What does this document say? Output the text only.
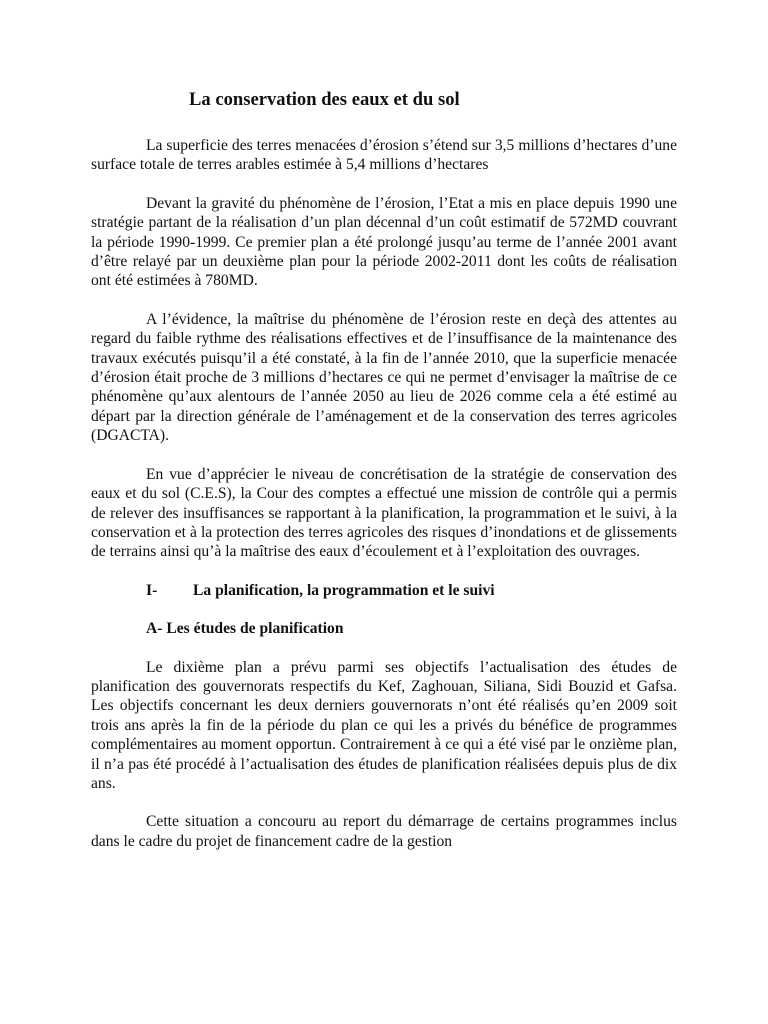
La conservation des eaux et du sol

La superficie des terres menacées d’érosion s’étend sur 3,5 millions d’hectares d’une surface totale de terres arables estimée à 5,4 millions d’hectares

Devant la gravité du phénomène de l’érosion, l’Etat a mis en place depuis 1990 une stratégie partant de la réalisation d’un plan décennal d’un coût estimatif de 572MD couvrant la période 1990-1999. Ce premier plan a été prolongé jusqu’au terme de l’année 2001 avant d’être relayé par un deuxième plan pour la période 2002-2011 dont les coûts de réalisation ont été estimées à 780MD.

A l’évidence, la maîtrise du phénomène de l’érosion reste en deçà des attentes au regard du faible rythme des réalisations effectives et de l’insuffisance de la maintenance des travaux exécutés puisqu’il a été constaté, à la fin de l’année 2010, que la superficie menacée d’érosion était proche de 3 millions d’hectares ce qui ne permet d’envisager la maîtrise de ce phénomène qu’aux alentours de l’année 2050 au lieu de 2026 comme cela a été estimé au départ par la direction générale de l’aménagement et de la conservation des terres agricoles (DGACTA).

En vue d’apprécier le niveau de concrétisation de la stratégie de conservation des eaux et du sol (C.E.S), la Cour des comptes a effectué une mission de contrôle qui a permis de relever des insuffisances se rapportant à la planification, la programmation et le suivi, à la conservation et à la protection des terres agricoles des risques d’inondations et de glissements de terrains ainsi qu’à la maîtrise des eaux d’écoulement et à l’exploitation des ouvrages.

I-	La planification, la programmation et le suivi
A- Les études de planification

Le dixième plan a prévu parmi ses objectifs l’actualisation des études de planification des gouvernorats respectifs du Kef, Zaghouan, Siliana, Sidi Bouzid et Gafsa. Les objectifs concernant les deux derniers gouvernorats n’ont été réalisés qu’en 2009 soit trois ans après la fin de la période du plan ce qui les a privés du bénéfice de programmes complémentaires au moment opportun. Contrairement à ce qui a été visé par le onzième plan, il n’a pas été procédé à l’actualisation des études de planification réalisées depuis plus de dix ans.

Cette situation a concouru au report du démarrage de certains programmes inclus dans le cadre du projet de financement cadre de la gestion
